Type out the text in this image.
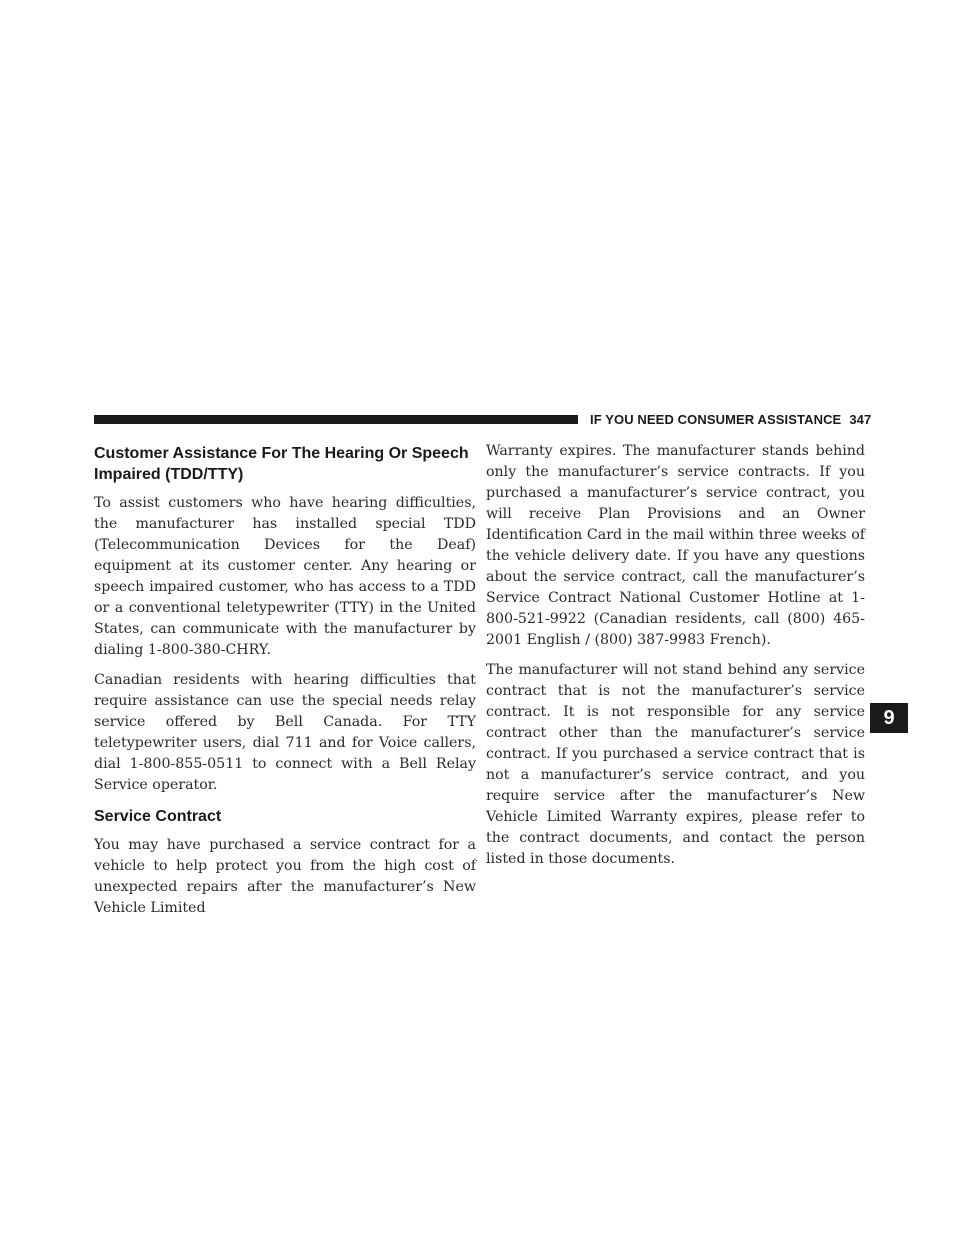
IF YOU NEED CONSUMER ASSISTANCE 347
Customer Assistance For The Hearing Or Speech Impaired (TDD/TTY)

To assist customers who have hearing difficulties, the manufacturer has installed special TDD (Telecommunication Devices for the Deaf) equipment at its customer center. Any hearing or speech impaired customer, who has access to a TDD or a conventional teletypewriter (TTY) in the United States, can communicate with the manufacturer by dialing 1-800-380-CHRY.

Canadian residents with hearing difficulties that require assistance can use the special needs relay service offered by Bell Canada. For TTY teletypewriter users, dial 711 and for Voice callers, dial 1-800-855-0511 to connect with a Bell Relay Service operator.

Service Contract

You may have purchased a service contract for a vehicle to help protect you from the high cost of unexpected repairs after the manufacturer’s New Vehicle Limited

Warranty expires. The manufacturer stands behind only the manufacturer’s service contracts. If you purchased a manufacturer’s service contract, you will receive Plan Provisions and an Owner Identification Card in the mail within three weeks of the vehicle delivery date. If you have any questions about the service contract, call the manufacturer’s Service Contract National Customer Hotline at 1-800-521-9922 (Canadian residents, call (800) 465-2001 English / (800) 387-9983 French).

The manufacturer will not stand behind any service contract that is not the manufacturer’s service contract. It is not responsible for any service contract other than the manufacturer’s service contract. If you purchased a service contract that is not a manufacturer’s service contract, and you require service after the manufacturer’s New Vehicle Limited Warranty expires, please refer to the contract documents, and contact the person listed in those documents.

9
